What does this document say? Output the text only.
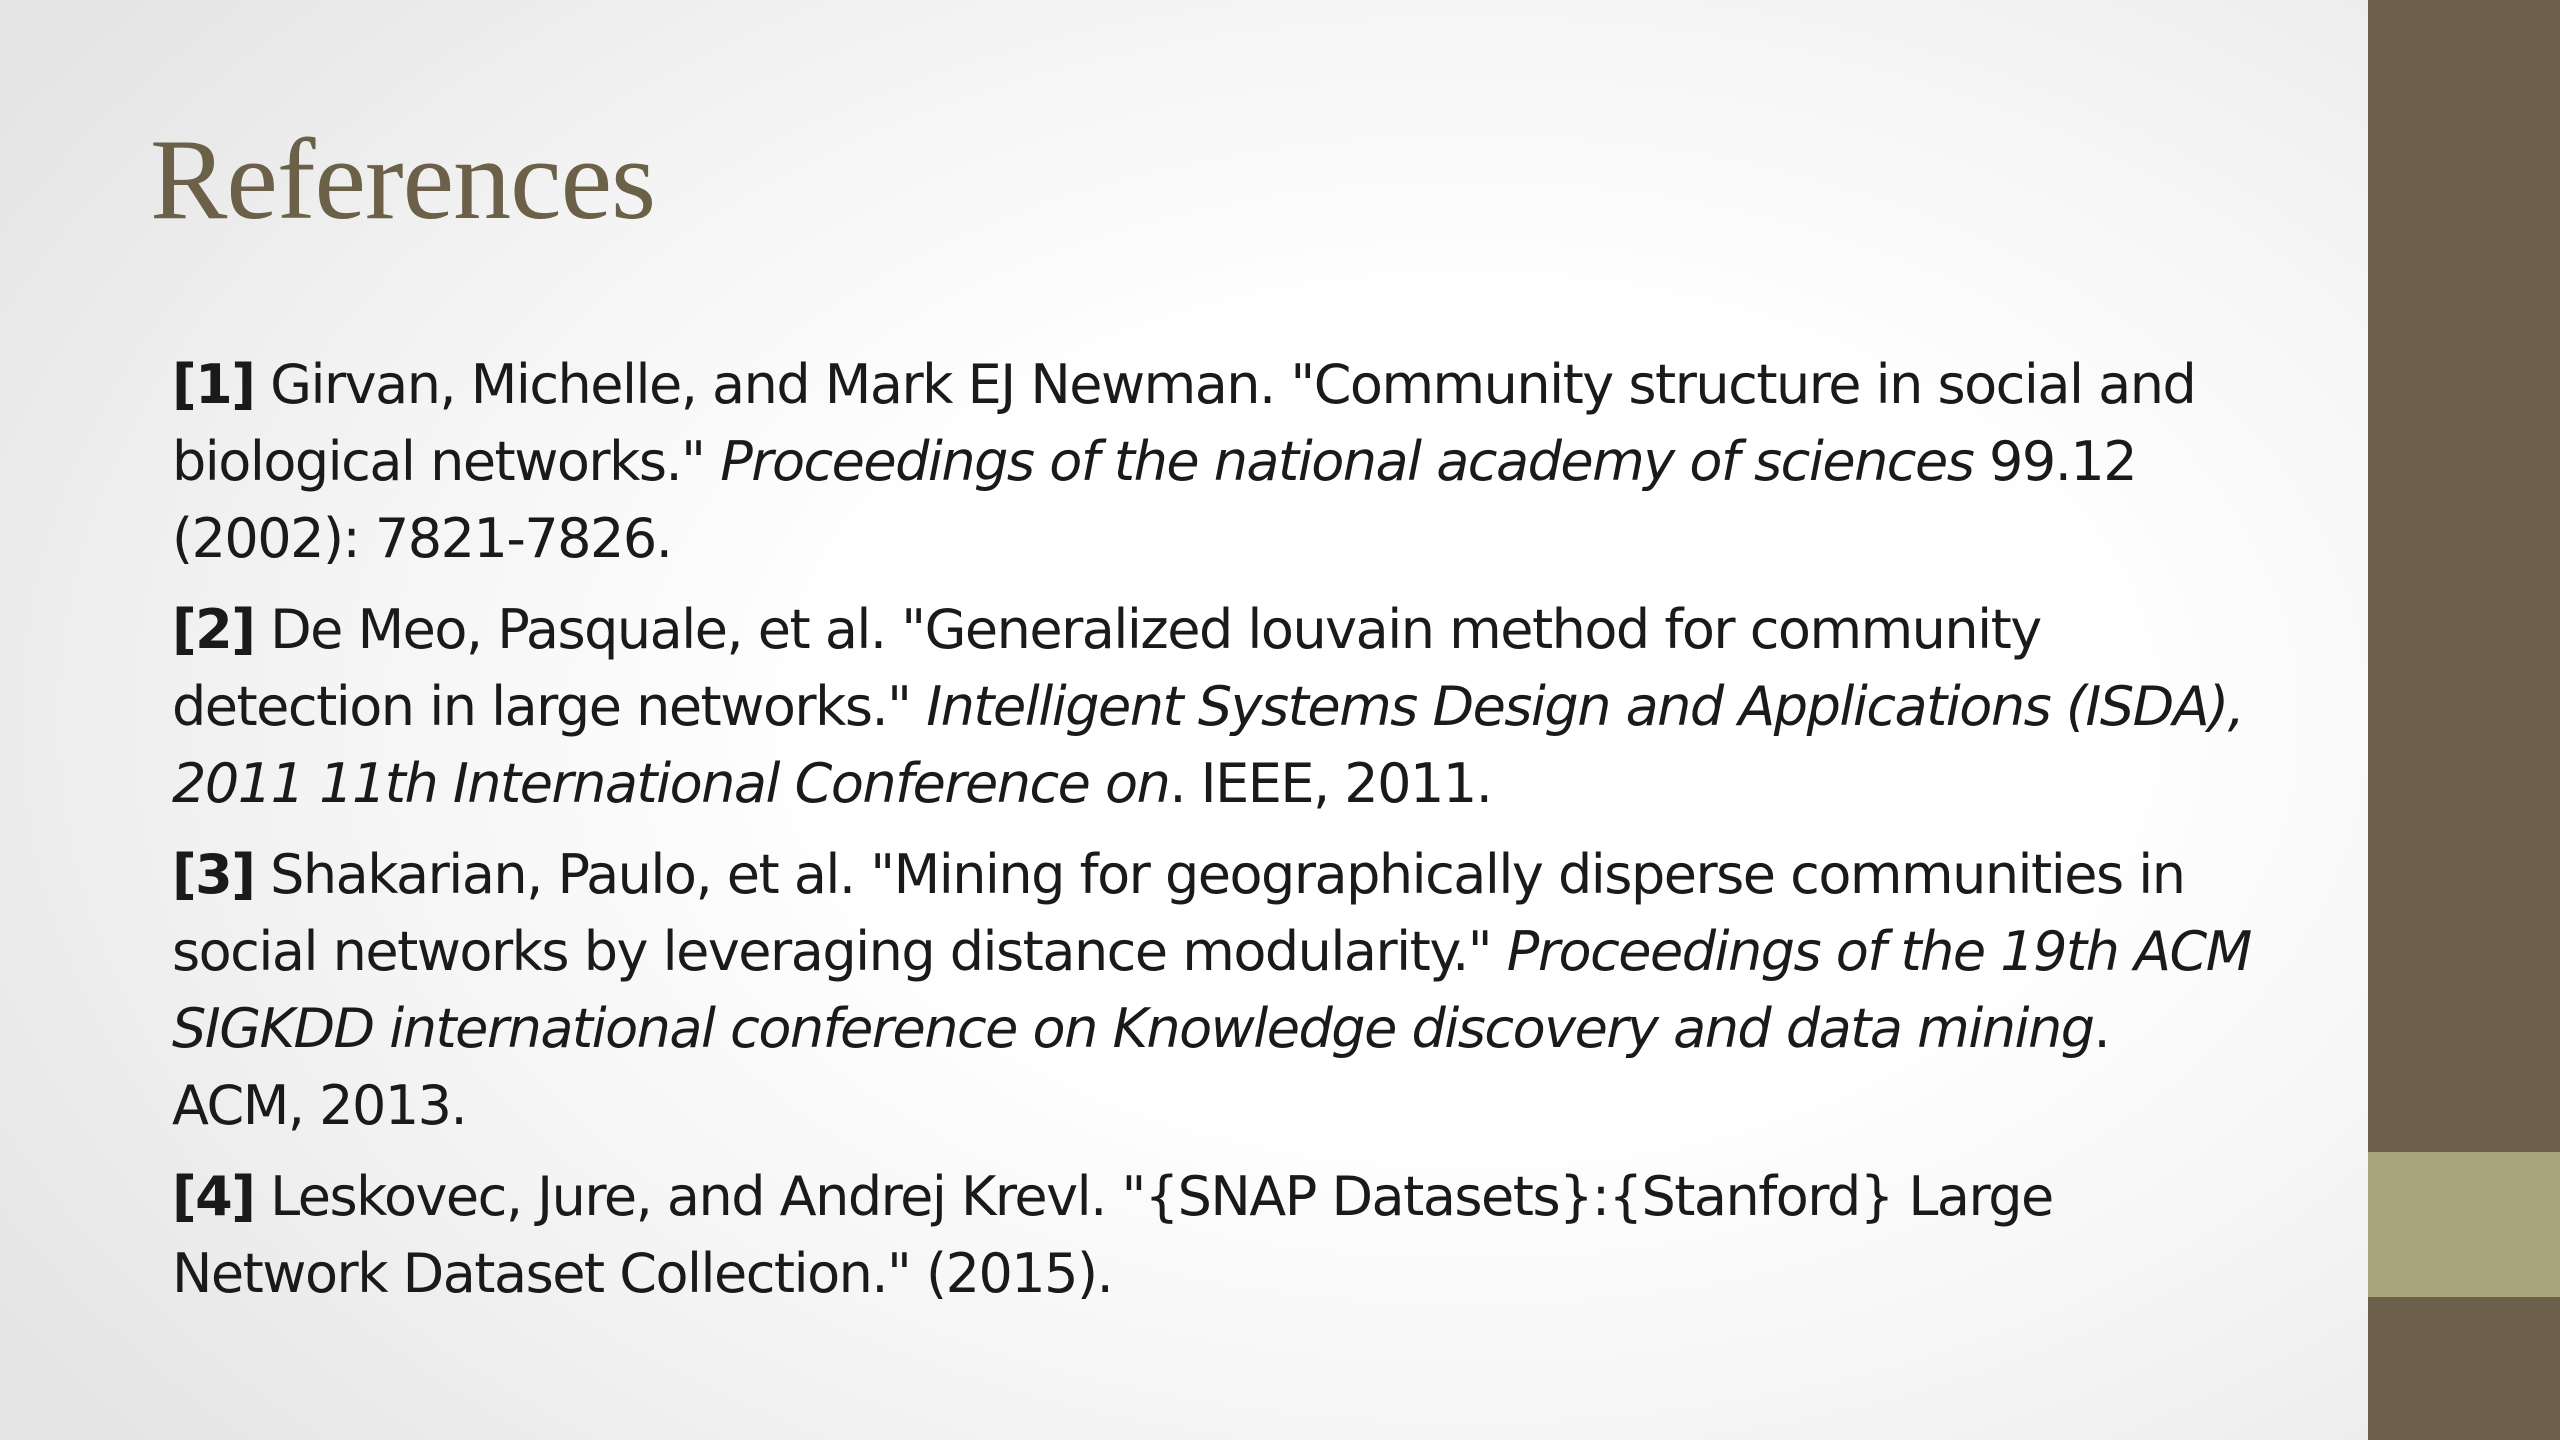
References
[1] Girvan, Michelle, and Mark EJ Newman. "Community structure in social and biological networks." Proceedings of the national academy of sciences 99.12 (2002): 7821-7826.
[2] De Meo, Pasquale, et al. "Generalized louvain method for community detection in large networks." Intelligent Systems Design and Applications (ISDA), 2011 11th International Conference on. IEEE, 2011.
[3] Shakarian, Paulo, et al. "Mining for geographically disperse communities in social networks by leveraging distance modularity." Proceedings of the 19th ACM SIGKDD international conference on Knowledge discovery and data mining. ACM, 2013.
[4] Leskovec, Jure, and Andrej Krevl. "{SNAP Datasets}:{Stanford} Large Network Dataset Collection." (2015).
